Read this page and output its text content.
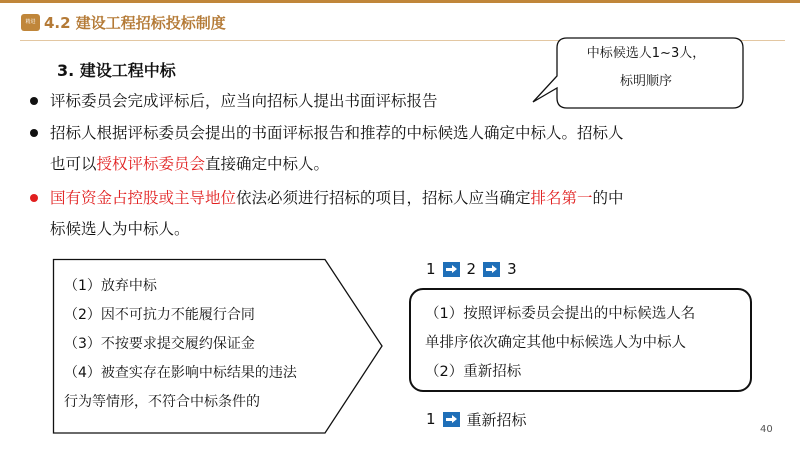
精进 4.2 建设工程招标投标制度
3. 建设工程中标
中标候选人1~3人，
标明顺序
评标委员会完成评标后，应当向招标人提出书面评标报告
招标人根据评标委员会提出的书面评标报告和推荐的中标候选人确定中标人。招标人
也可以授权评标委员会直接确定中标人。
国有资金占控股或主导地位依法必须进行招标的项目，招标人应当确定排名第一的中
标候选人为中标人。
（1）放弃中标
（2）因不可抗力不能履行合同
（3）不按要求提交履约保证金
（4）被查实存在影响中标结果的违法
行为等情形，不符合中标条件的
1 2 3
（1）按照评标委员会提出的中标候选人名
单排序依次确定其他中标候选人为中标人
（2）重新招标
1 重新招标
40
